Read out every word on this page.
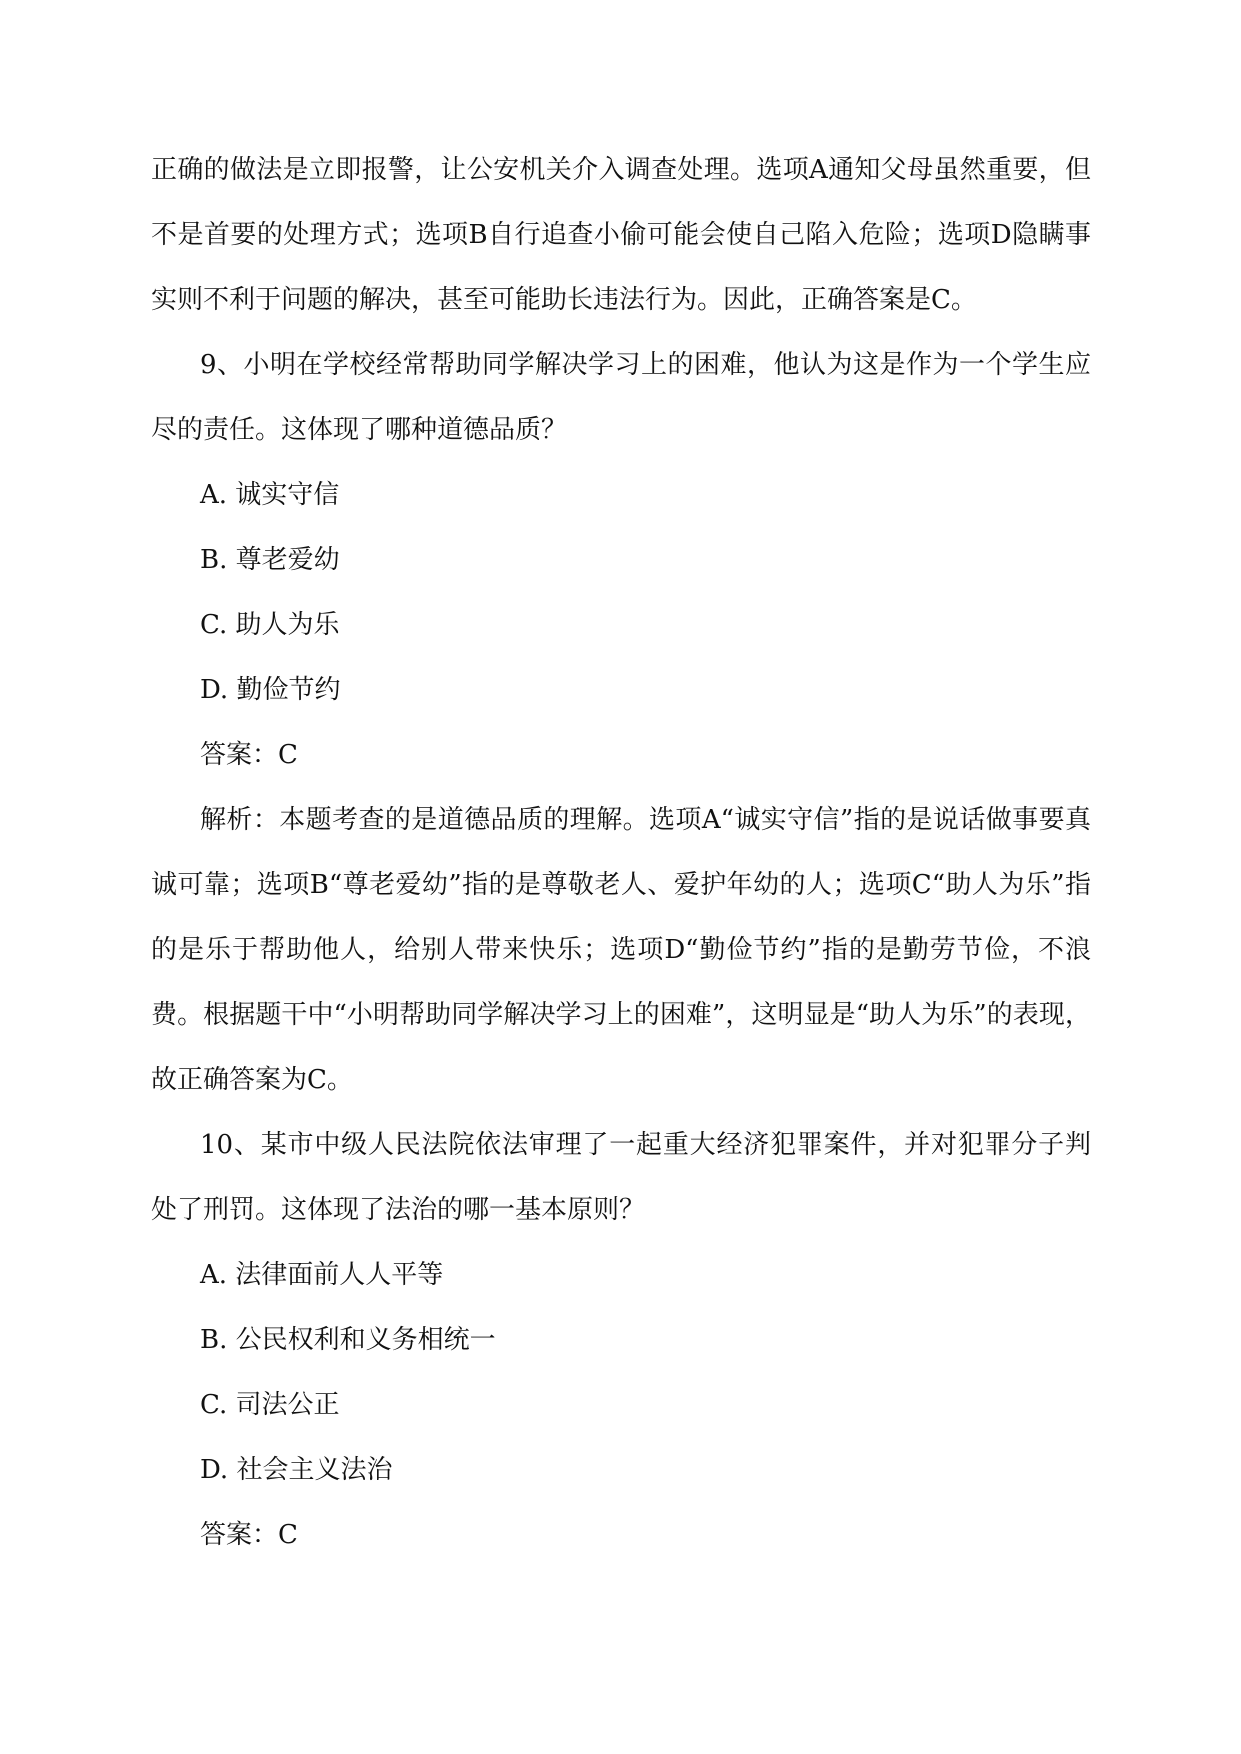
正确的做法是立即报警，让公安机关介入调查处理。选项A通知父母虽然重要，但不是首要的处理方式；选项B自行追查小偷可能会使自己陷入危险；选项D隐瞒事实则不利于问题的解决，甚至可能助长违法行为。因此，正确答案是C。

9、小明在学校经常帮助同学解决学习上的困难，他认为这是作为一个学生应尽的责任。这体现了哪种道德品质？

A. 诚实守信
B. 尊老爱幼
C. 助人为乐
D. 勤俭节约
答案：C

解析：本题考查的是道德品质的理解。选项A“诚实守信”指的是说话做事要真诚可靠；选项B“尊老爱幼”指的是尊敬老人、爱护年幼的人；选项C“助人为乐”指的是乐于帮助他人，给别人带来快乐；选项D“勤俭节约”指的是勤劳节俭，不浪费。根据题干中“小明帮助同学解决学习上的困难”，这明显是“助人为乐”的表现，故正确答案为C。

10、某市中级人民法院依法审理了一起重大经济犯罪案件，并对犯罪分子判处了刑罚。这体现了法治的哪一基本原则？

A. 法律面前人人平等
B. 公民权利和义务相统一
C. 司法公正
D. 社会主义法治
答案：C
